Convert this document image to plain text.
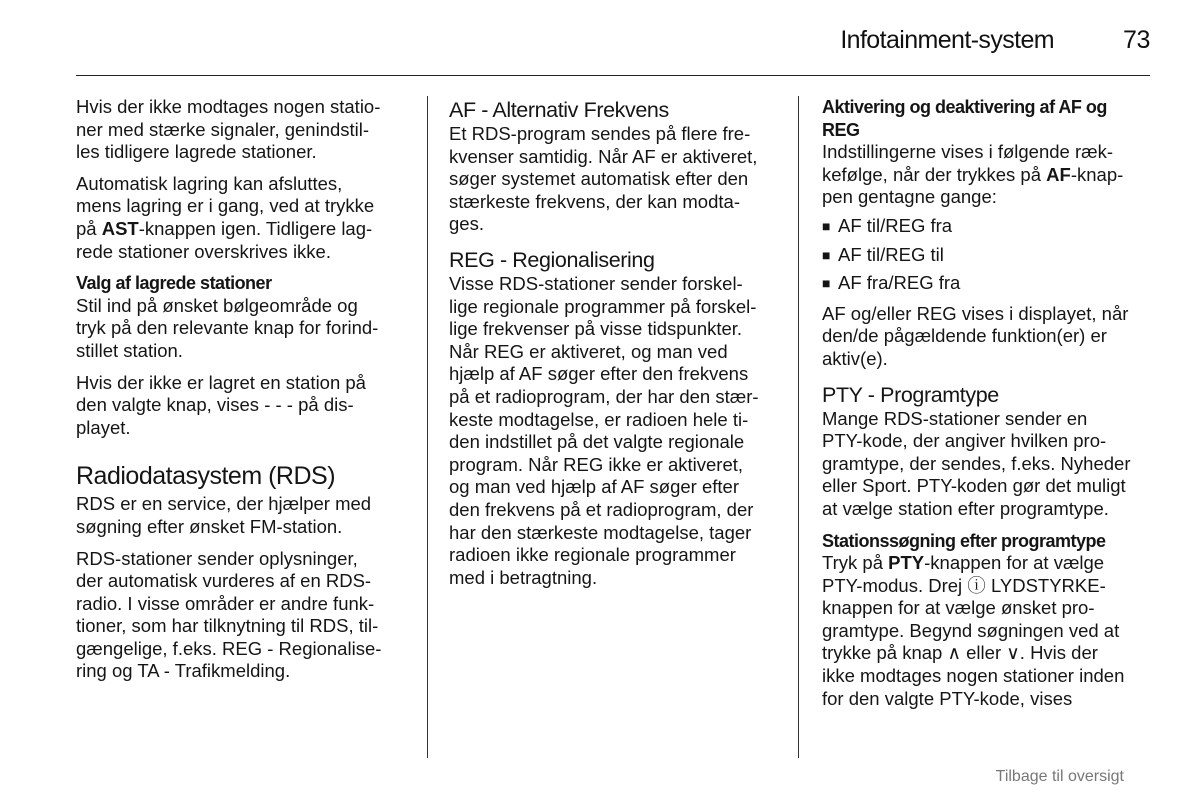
Infotainment-system	73
Hvis der ikke modtages nogen statio-
ner med stærke signaler, genindstil-
les tidligere lagrede stationer.
Automatisk lagring kan afsluttes,
mens lagring er i gang, ved at trykke
på AST-knappen igen. Tidligere lag-
rede stationer overskrives ikke.
Valg af lagrede stationer
Stil ind på ønsket bølgeområde og
tryk på den relevante knap for forind-
stillet station.
Hvis der ikke er lagret en station på
den valgte knap, vises - - - på dis-
playet.
Radiodatasystem (RDS)
RDS er en service, der hjælper med
søgning efter ønsket FM-station.
RDS-stationer sender oplysninger,
der automatisk vurderes af en RDS-
radio. I visse områder er andre funk-
tioner, som har tilknytning til RDS, til-
gængelige, f.eks. REG - Regionalise-
ring og TA - Trafikmelding.
AF - Alternativ Frekvens
Et RDS-program sendes på flere fre-
kvenser samtidig. Når AF er aktiveret,
søger systemet automatisk efter den
stærkeste frekvens, der kan modta-
ges.
REG - Regionalisering
Visse RDS-stationer sender forskel-
lige regionale programmer på forskel-
lige frekvenser på visse tidspunkter.
Når REG er aktiveret, og man ved
hjælp af AF søger efter den frekvens
på et radioprogram, der har den stær-
keste modtagelse, er radioen hele ti-
den indstillet på det valgte regionale
program. Når REG ikke er aktiveret,
og man ved hjælp af AF søger efter
den frekvens på et radioprogram, der
har den stærkeste modtagelse, tager
radioen ikke regionale programmer
med i betragtning.
Aktivering og deaktivering af AF og
REG
Indstillingerne vises i følgende ræk-
kefølge, når der trykkes på AF-knap-
pen gentagne gange:
■ AF til/REG fra
■ AF til/REG til
■ AF fra/REG fra
AF og/eller REG vises i displayet, når
den/de pågældende funktion(er) er
aktiv(e).
PTY - Programtype
Mange RDS-stationer sender en
PTY-kode, der angiver hvilken pro-
gramtype, der sendes, f.eks. Nyheder
eller Sport. PTY-koden gør det muligt
at vælge station efter programtype.
Stationssøgning efter programtype
Tryk på PTY-knappen for at vælge
PTY-modus. Drej ⓘ LYDSTYRKE-
knappen for at vælge ønsket pro-
gramtype. Begynd søgningen ved at
trykke på knap ∧ eller ∨. Hvis der
ikke modtages nogen stationer inden
for den valgte PTY-kode, vises
Tilbage til oversigt
